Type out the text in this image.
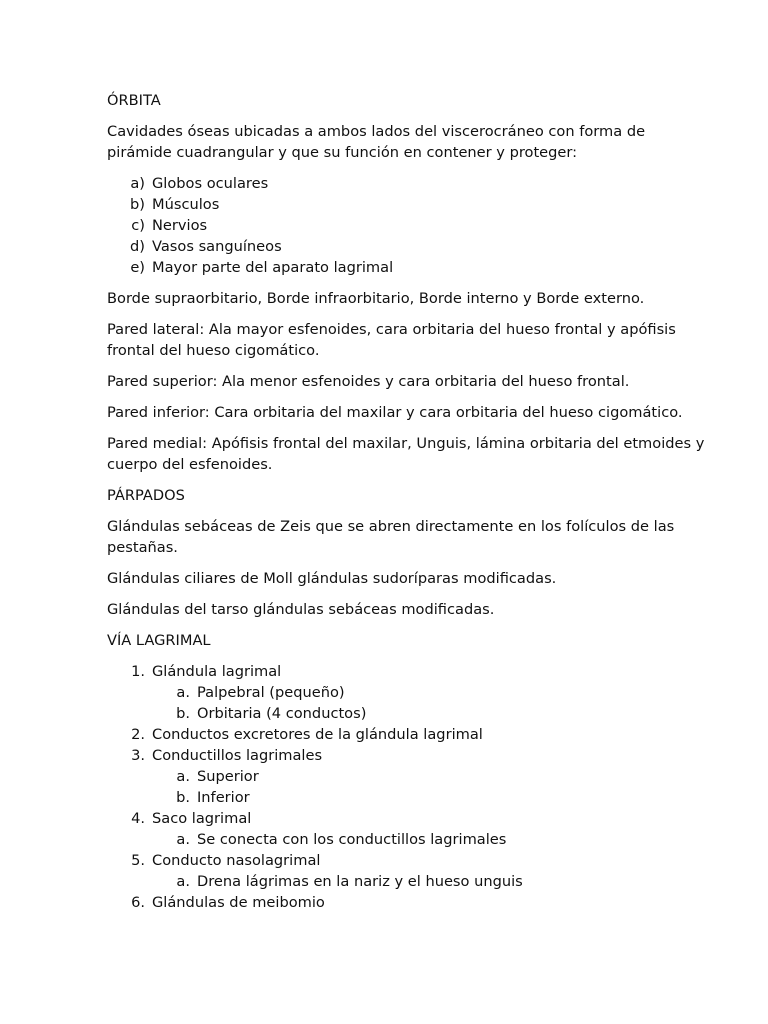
ÓRBITA

Cavidades óseas ubicadas a ambos lados del viscerocráneo con forma de pirámide cuadrangular y que su función en contener y proteger:

a) Globos oculares
b) Músculos
c) Nervios
d) Vasos sanguíneos
e) Mayor parte del aparato lagrimal

Borde supraorbitario, Borde infraorbitario, Borde interno y Borde externo.

Pared lateral: Ala mayor esfenoides, cara orbitaria del hueso frontal y apófisis frontal del hueso cigomático.

Pared superior: Ala menor esfenoides y cara orbitaria del hueso frontal.

Pared inferior: Cara orbitaria del maxilar y cara orbitaria del hueso cigomático.

Pared medial: Apófisis frontal del maxilar, Unguis, lámina orbitaria del etmoides y cuerpo del esfenoides.

PÁRPADOS

Glándulas sebáceas de Zeis que se abren directamente en los folículos de las pestañas.

Glándulas ciliares de Moll glándulas sudoríparas modificadas.

Glándulas del tarso glándulas sebáceas modificadas.

VÍA LAGRIMAL

1. Glándula lagrimal
a. Palpebral (pequeño)
b. Orbitaria (4 conductos)
2. Conductos excretores de la glándula lagrimal
3. Conductillos lagrimales
a. Superior
b. Inferior
4. Saco lagrimal
a. Se conecta con los conductillos lagrimales
5. Conducto nasolagrimal
a. Drena lágrimas en la nariz y el hueso unguis
6. Glándulas de meibomio
